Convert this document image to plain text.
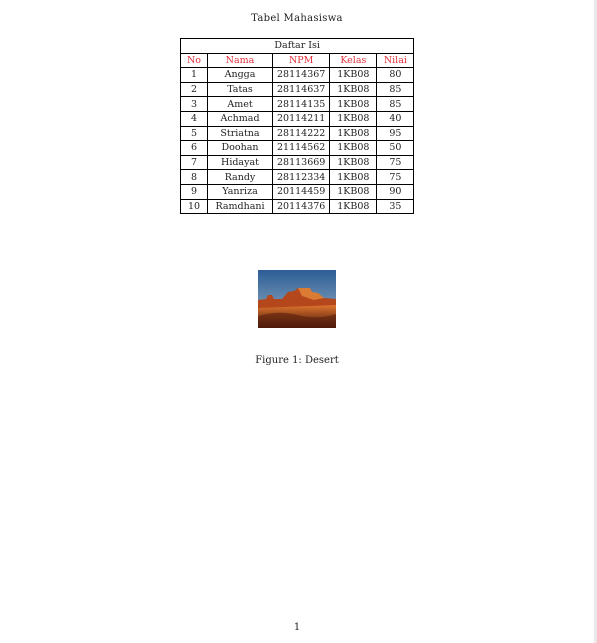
Tabel Mahasiswa
Daftar Isi				
No	Nama	NPM	Kelas	Nilai
1	Angga	28114367	1KB08	80
2	Tatas	28114637	1KB08	85
3	Amet	28114135	1KB08	85
4	Achmad	20114211	1KB08	40
5	Striatna	28114222	1KB08	95
6	Doohan	21114562	1KB08	50
7	Hidayat	28113669	1KB08	75
8	Randy	28112334	1KB08	75
9	Yanriza	20114459	1KB08	90
10	Ramdhani	20114376	1KB08	35
Figure 1: Desert
1
